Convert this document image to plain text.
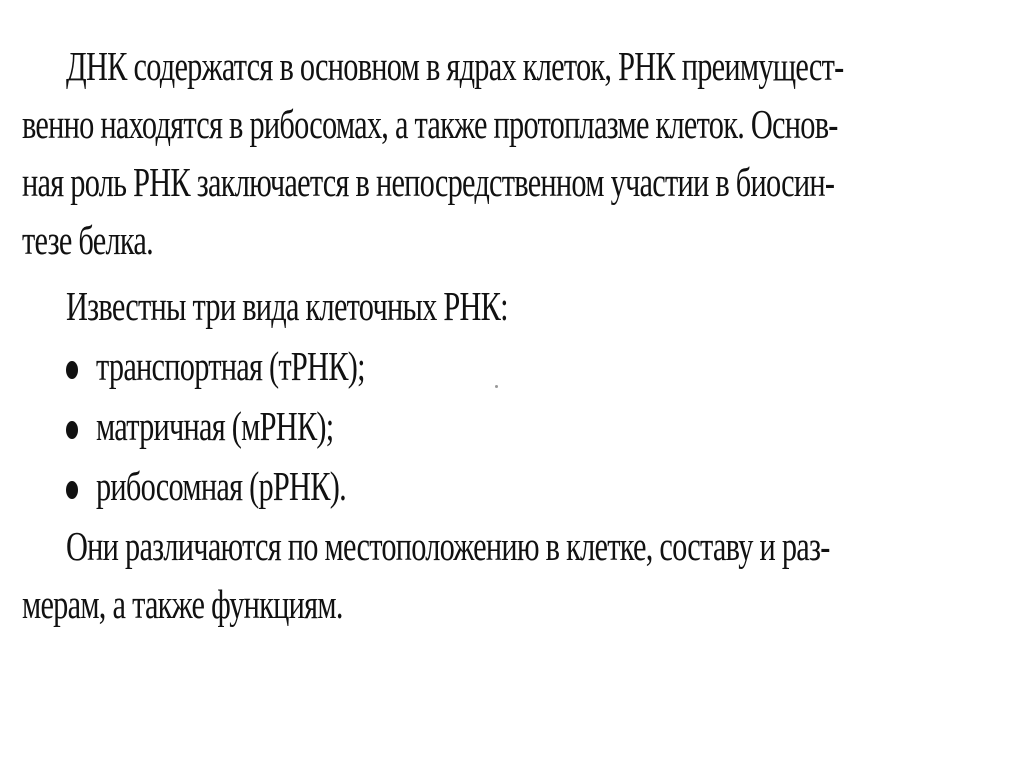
ДНК содержатся в основном в ядрах клеток, РНК преимущест-
венно находятся в рибосомах, а также протоплазме клеток. Основ-
ная роль РНК заключается в непосредственном участии в биосин-
тезе белка.
Известны три вида клеточных РНК:
транспортная (тРНК);
матричная (мРНК);
рибосомная (рРНК).
Они различаются по местоположению в клетке, составу и раз-
мерам, а также функциям.
